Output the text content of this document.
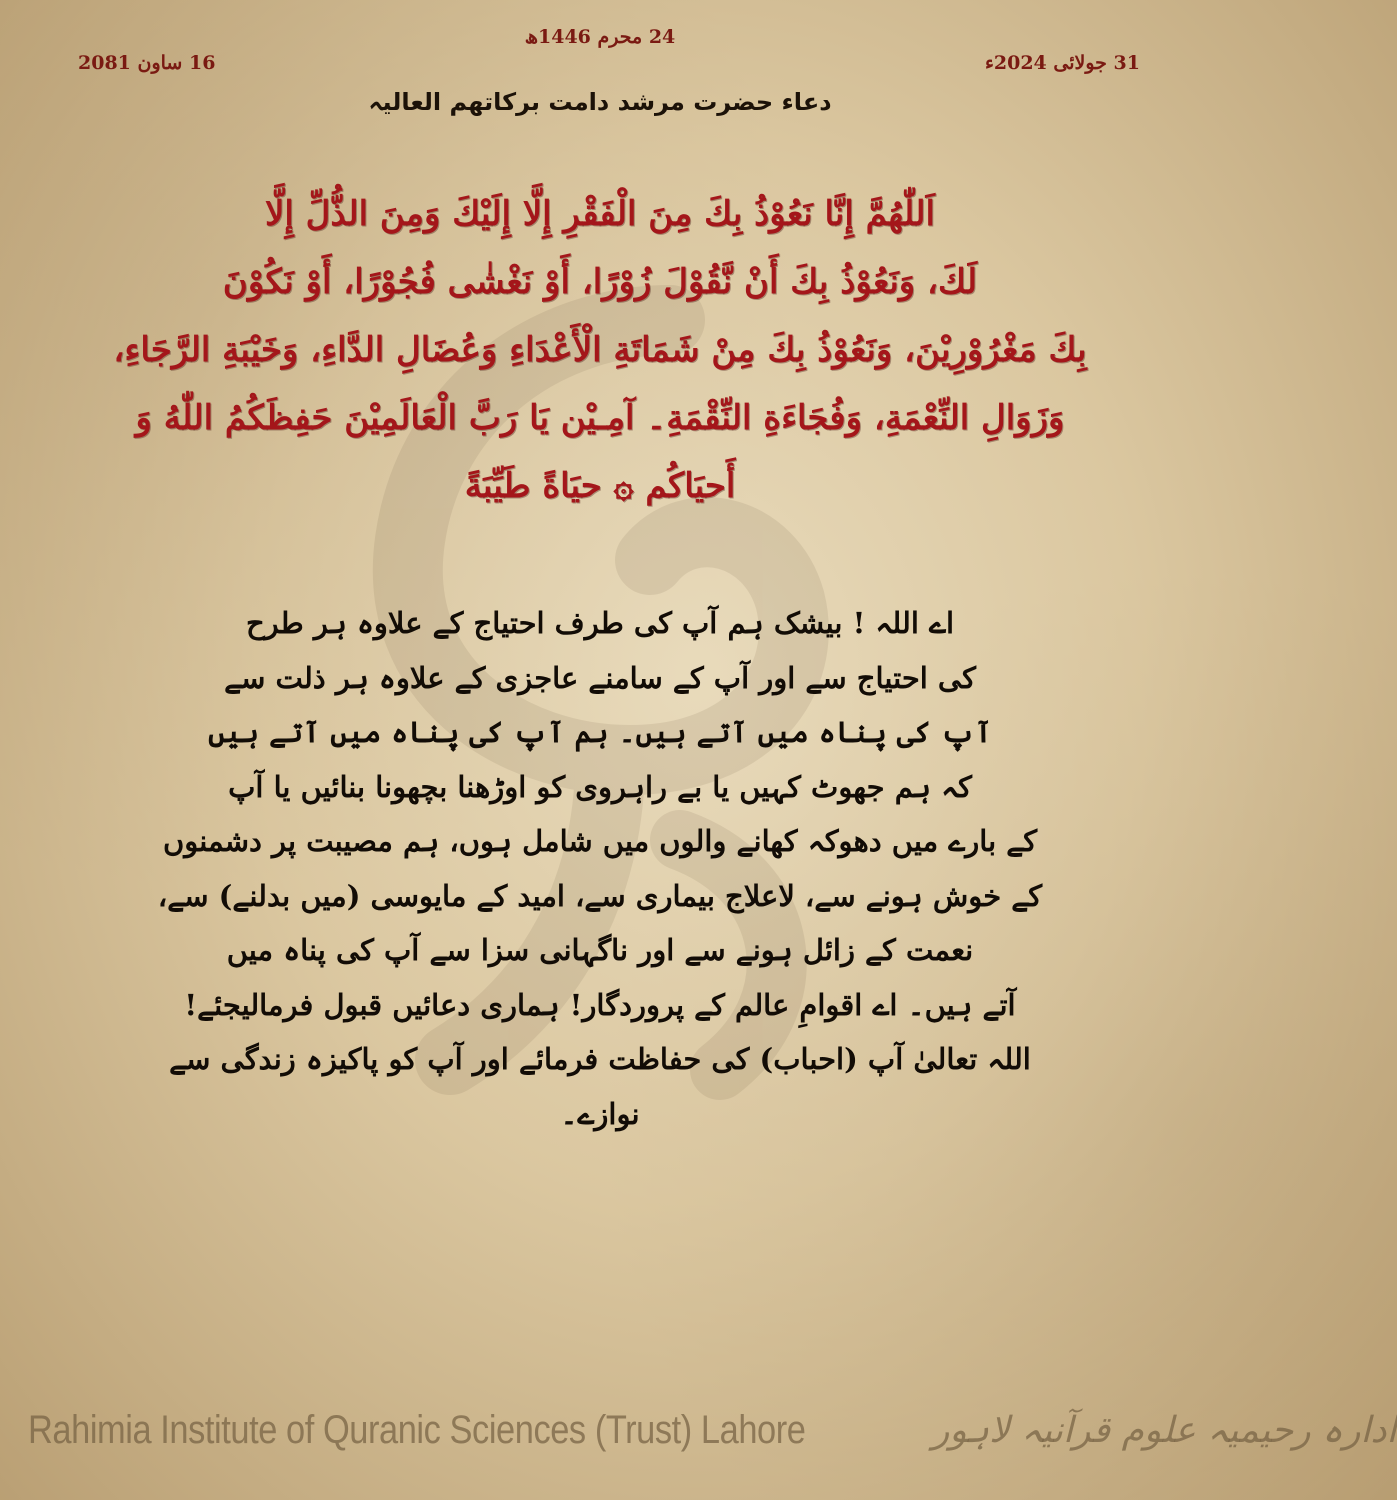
24 محرم 1446ھ
16 ساون 2081	31 جولائی 2024ء
دعاء حضرت مرشد دامت برکاتھم العالیہ
اَللّٰهُمَّ إِنَّا نَعُوْذُ بِكَ مِنَ الْفَقْرِ إِلَّا إِلَيْكَ وَمِنَ الذُّلِّ إِلَّا
لَكَ، وَنَعُوْذُ بِكَ أَنْ نَّقُوْلَ زُوْرًا، أَوْ نَغْشٰى فُجُوْرًا، أَوْ نَكُوْنَ
بِكَ مَغْرُوْرِيْنَ، وَنَعُوْذُ بِكَ مِنْ شَمَاتَةِ الْأَعْدَاءِ وَعُضَالِ الدَّاءِ، وَخَيْبَةِ الرَّجَاءِ،
وَزَوَالِ النِّعْمَةِ، وَفُجَاءَةِ النِّقْمَةِ۔ آمِـيْن يَا رَبَّ الْعَالَمِيْنَ حَفِظَكُمُ اللّٰهُ وَ
أَحيَاكُم ۞ حيَاةً طَيِّبَةً
اے اللہ ! بیشک ہم آپ کی طرف احتیاج کے علاوہ ہر طرح
کی احتیاج سے اور آپ کے سامنے عاجزی کے علاوہ ہر ذلت سے
آپ کی پناہ میں آتے ہیں۔ ہم آپ کی پناہ میں آتے ہیں
کہ ہم جھوٹ کہیں یا بے راہروی کو اوڑھنا بچھونا بنائیں یا آپ
کے بارے میں دھوکہ کھانے والوں میں شامل ہوں، ہم مصیبت پر دشمنوں
کے خوش ہونے سے، لاعلاج بیماری سے، امید کے مایوسی (میں بدلنے) سے،
نعمت کے زائل ہونے سے اور ناگہانی سزا سے آپ کی پناہ میں
آتے ہیں۔ اے اقوامِ عالم کے پروردگار! ہماری دعائیں قبول فرمالیجئے!
اللہ تعالیٰ آپ (احباب) کی حفاظت فرمائے اور آپ کو پاکیزہ زندگی سے
نوازے۔
Rahimia Institute of Quranic Sciences (Trust) Lahore	ادارہ رحیمیہ علوم قرآنیہ لاہور
